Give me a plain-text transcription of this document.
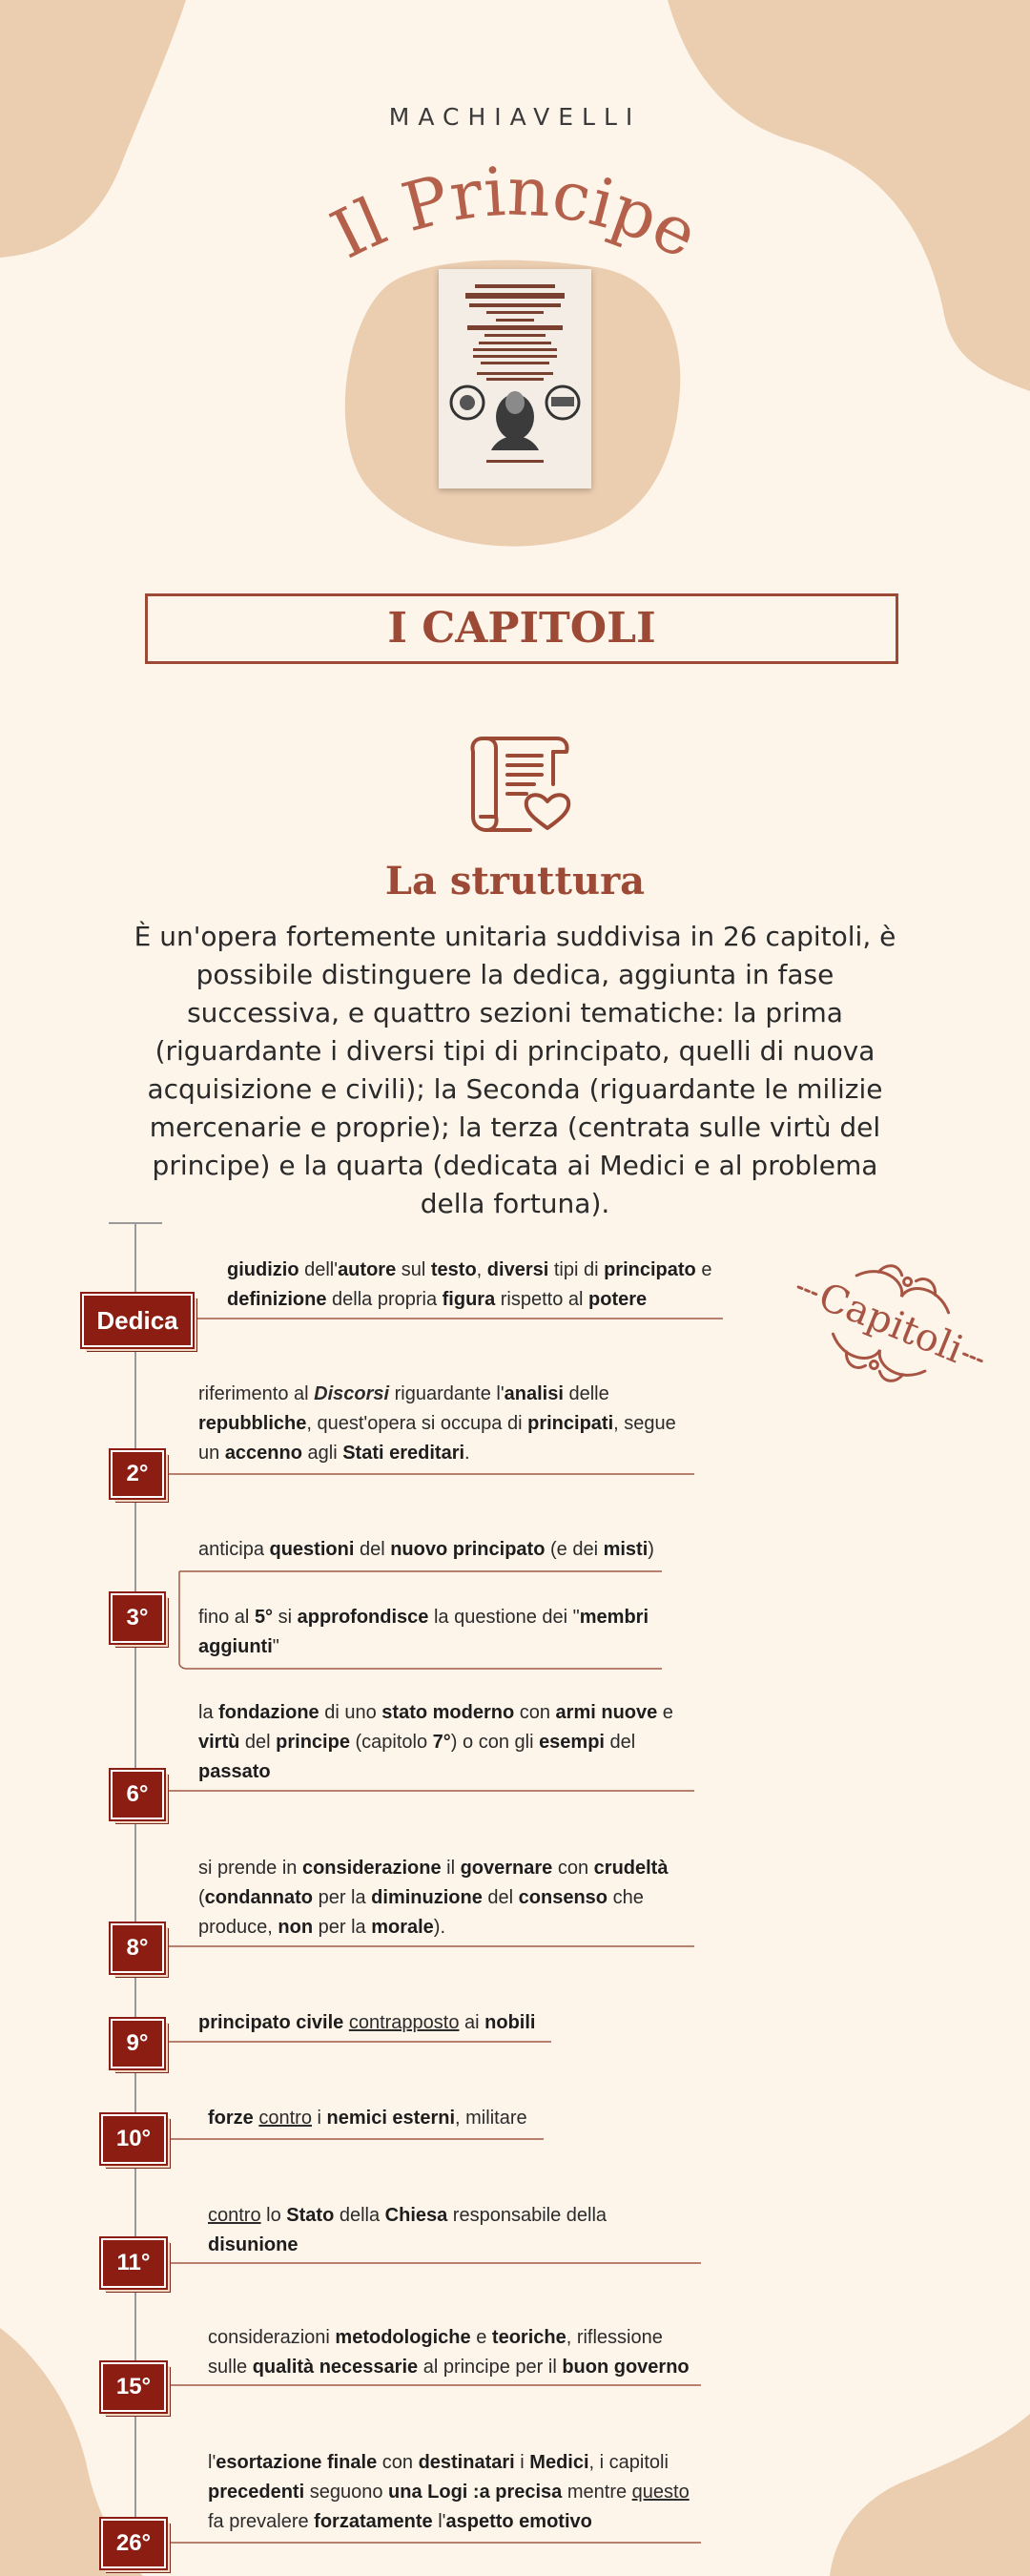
MACHIAVELLI
Il Principe
I CAPITOLI
La struttura
È un'opera fortemente unitaria suddivisa in 26 capitoli, è possibile distinguere la dedica, aggiunta in fase successiva, e quattro sezioni tematiche: la prima (riguardante i diversi tipi di principato, quelli di nuova acquisizione e civili); la Seconda (riguardante le milizie mercenarie e proprie); la terza (centrata sulle virtù del principe) e la quarta (dedicata ai Medici e al problema della fortuna).
Capitoli
Dedica
giudizio dell'autore sul testo, diversi tipi di principato e definizione della propria figura rispetto al potere
2°
riferimento al Discorsi riguardante l'analisi delle repubbliche, quest'opera si occupa di principati, segue un accenno agli Stati ereditari.
3°
anticipa questioni del nuovo principato (e dei misti)
fino al 5° si approfondisce la questione dei "membri aggiunti"
6°
la fondazione di uno stato moderno con armi nuove e virtù del principe (capitolo 7°) o con gli esempi del passato
8°
si prende in considerazione il governare con crudeltà (condannato per la diminuzione del consenso che produce, non per la morale).
9°
principato civile contrapposto ai nobili
10°
forze contro i nemici esterni, militare
11°
contro lo Stato della Chiesa responsabile della disunione
15°
considerazioni metodologiche e teoriche, riflessione sulle qualità necessarie al principe per il buon governo
26°
l'esortazione finale con destinatari i Medici, i capitoli precedenti seguono una Logi :a precisa mentre questo fa prevalere forzatamente l'aspetto emotivo
